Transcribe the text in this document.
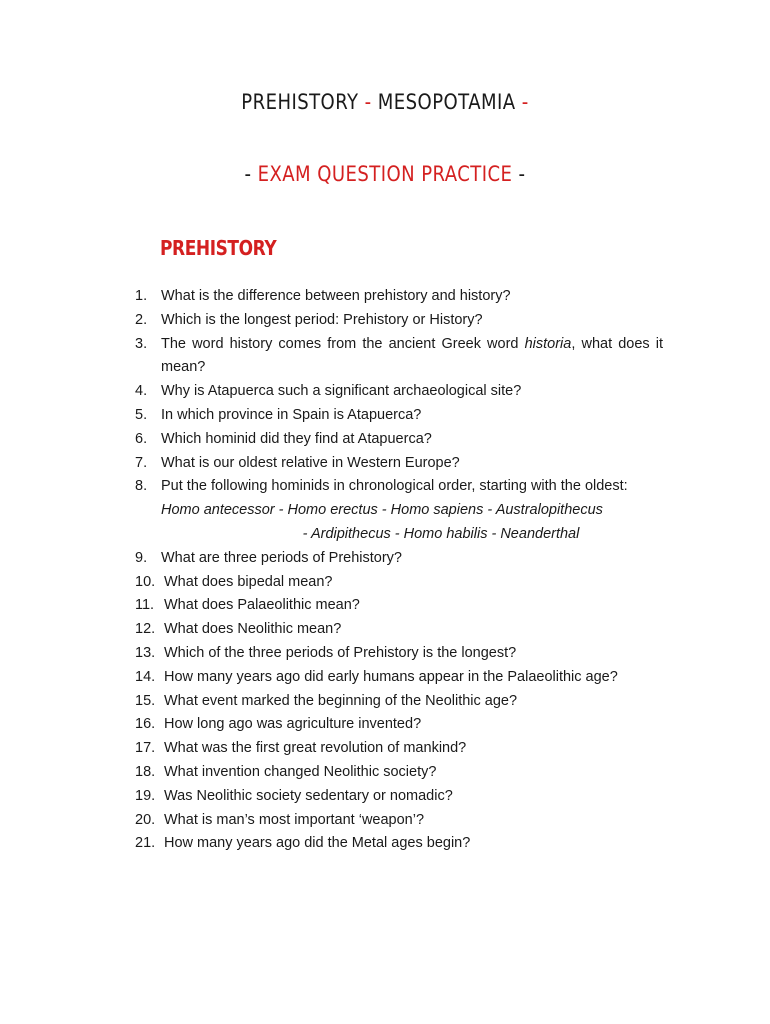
PREHISTORY - MESOPOTAMIA -
- EXAM QUESTION PRACTICE -
PREHISTORY
1. What is the difference between prehistory and history?
2. Which is the longest period: Prehistory or History?
3. The word history comes from the ancient Greek word historia, what does it mean?
4. Why is Atapuerca such a significant archaeological site?
5. In which province in Spain is Atapuerca?
6. Which hominid did they find at Atapuerca?
7. What is our oldest relative in Western Europe?
8. Put the following hominids in chronological order, starting with the oldest:
Homo antecessor - Homo erectus - Homo sapiens - Australopithecus
- Ardipithecus - Homo habilis - Neanderthal
9. What are three periods of Prehistory?
10. What does bipedal mean?
11. What does Palaeolithic mean?
12. What does Neolithic mean?
13. Which of the three periods of Prehistory is the longest?
14. How many years ago did early humans appear in the Palaeolithic age?
15. What event marked the beginning of the Neolithic age?
16. How long ago was agriculture invented?
17. What was the first great revolution of mankind?
18. What invention changed Neolithic society?
19. Was Neolithic society sedentary or nomadic?
20. What is man’s most important ‘weapon’?
21. How many years ago did the Metal ages begin?
